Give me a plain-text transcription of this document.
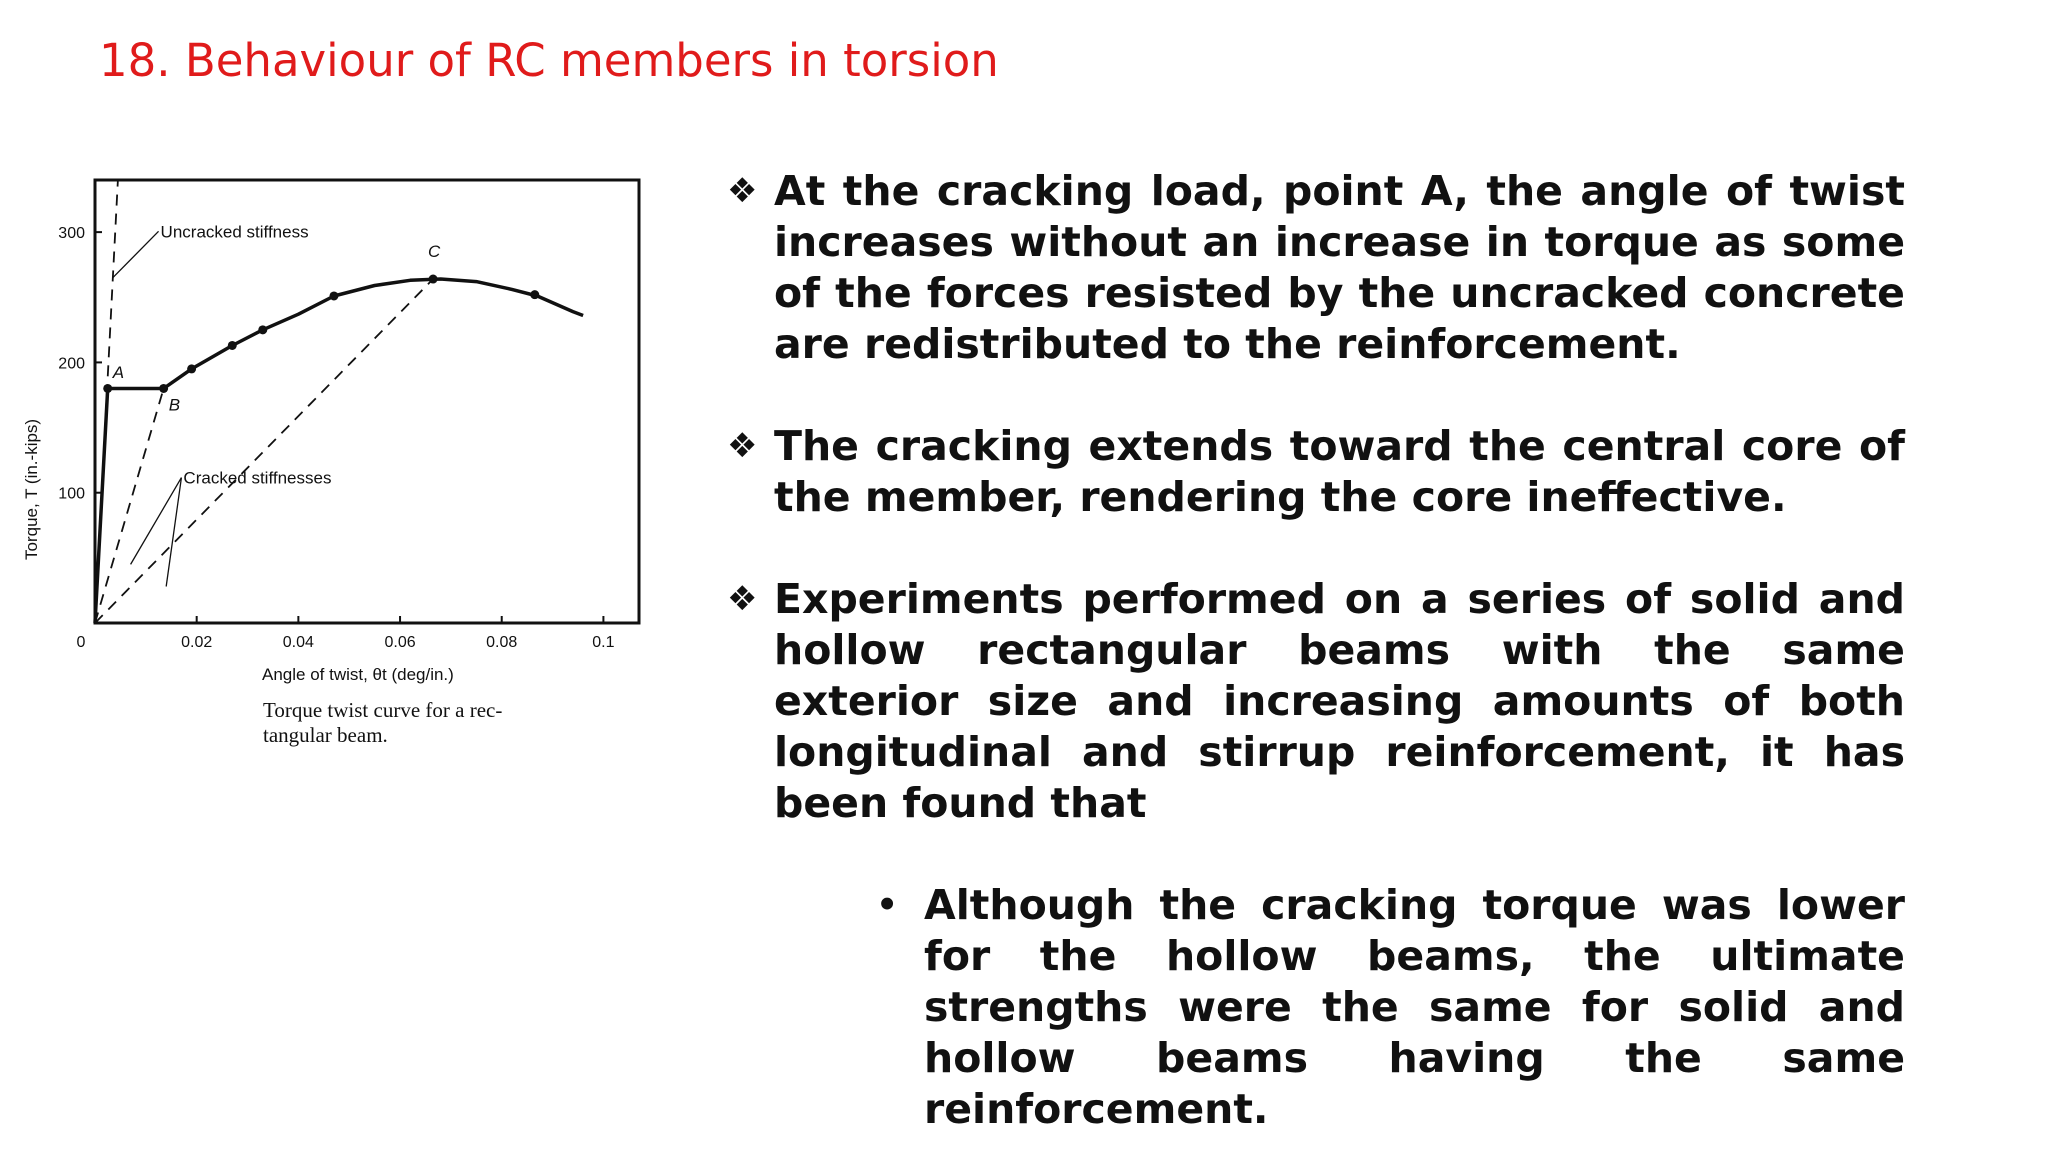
18. Behaviour of RC members in torsion
0	0.02	0.04	0.06	0.08	0.1
100
200
300
A
B
C
Uncracked stiffness
Cracked stiffnesses
Angle of twist, θt (deg/in.)
Torque, T (in.-kips)
Torque twist curve for a rec-
tangular beam.

❖ At the cracking load, point A, the angle of twist increases without an increase in torque as some of the forces resisted by the uncracked concrete are redistributed to the reinforcement.

❖ The cracking extends toward the central core of the member, rendering the core ineffective.

❖ Experiments performed on a series of solid and hollow rectangular beams with the same exterior size and increasing amounts of both longitudinal and stirrup reinforcement, it has been found that

• Although the cracking torque was lower for the hollow beams, the ultimate strengths were the same for solid and hollow beams having the same reinforcement.
